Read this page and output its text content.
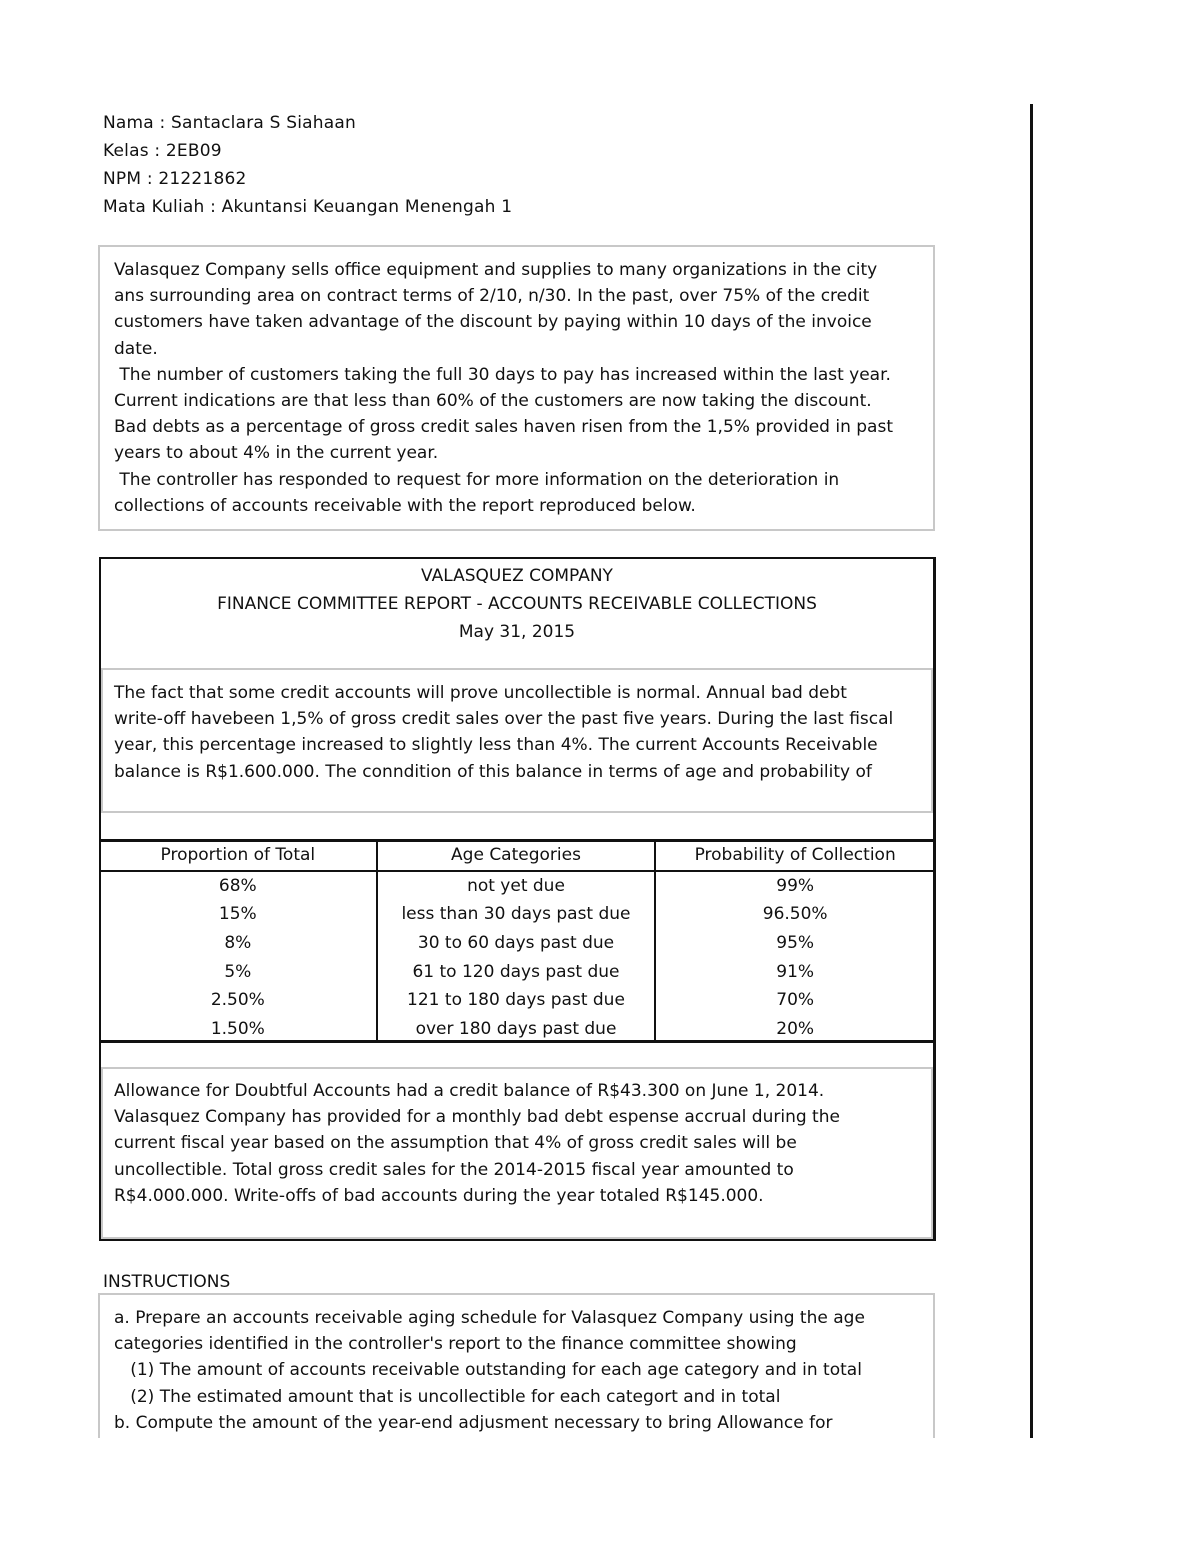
Nama : Santaclara S Siahaan
Kelas : 2EB09
NPM : 21221862
Mata Kuliah : Akuntansi Keuangan Menengah 1

Valasquez Company sells office equipment and supplies to many organizations in the city

ans surrounding area on contract terms of 2/10, n/30. In the past, over 75% of the credit

customers have taken advantage of the discount by paying within 10 days of the invoice

date.

The number of customers taking the full 30 days to pay has increased within the last year.

Current indications are that less than 60% of the customers are now taking the discount.

Bad debts as a percentage of gross credit sales haven risen from the 1,5% provided in past

years to about 4% in the current year.

The controller has responded to request for more information on the deterioration in

collections of accounts receivable with the report reproduced below.

VALASQUEZ COMPANY
FINANCE COMMITTEE REPORT - ACCOUNTS RECEIVABLE COLLECTIONS
May 31, 2015

The fact that some credit accounts will prove uncollectible is normal. Annual bad debt

write-off havebeen 1,5% of gross credit sales over the past five years. During the last fiscal

year, this percentage increased to slightly less than 4%. The current Accounts Receivable

balance is R$1.600.000. The conndition of this balance in terms of age and probability of

Proportion of Total	Age Categories	Probability of Collection
68%	not yet due	99%
15%	less than 30 days past due	96.50%
8%	30 to 60 days past due	95%
5%	61 to 120 days past due	91%
2.50%	121 to 180 days past due	70%
1.50%	over 180 days past due	20%

Allowance for Doubtful Accounts had a credit balance of R$43.300 on June 1, 2014.

Valasquez Company has provided for a monthly bad debt espense accrual during the

current fiscal year based on the assumption that 4% of gross credit sales will be

uncollectible. Total gross credit sales for the 2014-2015 fiscal year amounted to

R$4.000.000. Write-offs of bad accounts during the year totaled R$145.000.

INSTRUCTIONS

a. Prepare an accounts receivable aging schedule for Valasquez Company using the age

categories identified in the controller's report to the finance committee showing

(1) The amount of accounts receivable outstanding for each age category and in total

(2) The estimated amount that is uncollectible for each categort and in total

b. Compute the amount of the year-end adjusment necessary to bring Allowance for
